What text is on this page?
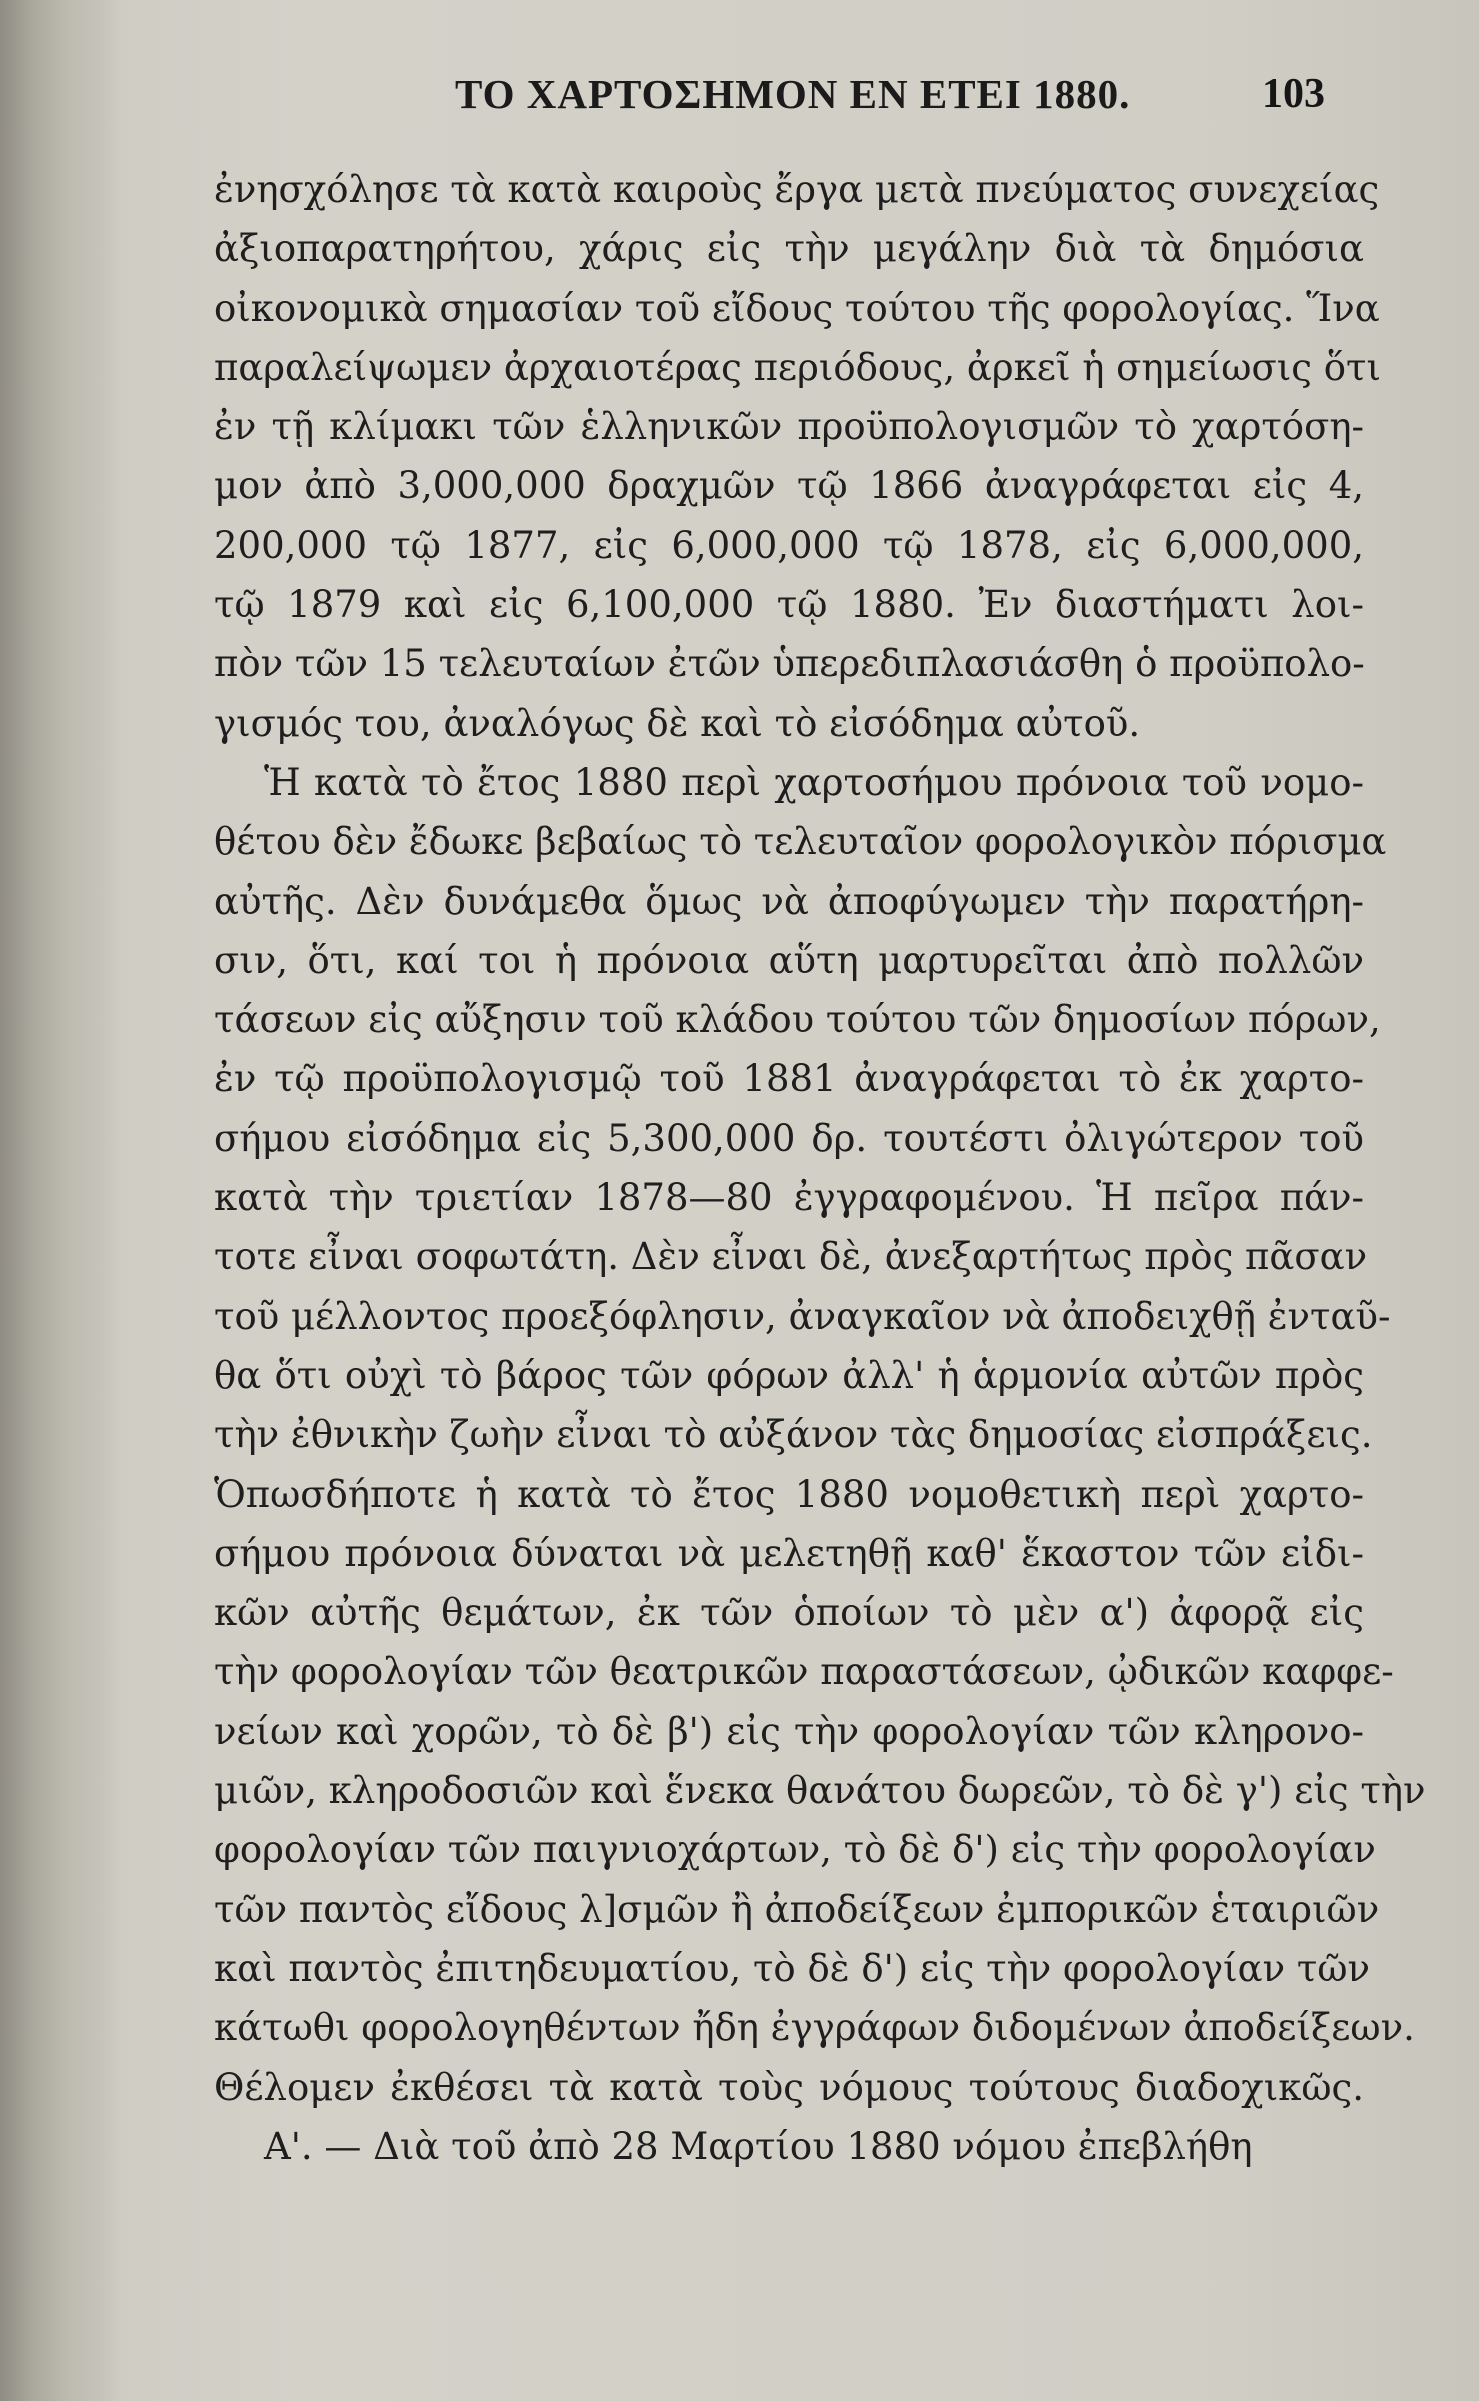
ΤΟ ΧΑΡΤΟΣΗΜΟΝ ΕΝ ΕΤΕΙ 1880.	103
ἐνησχόλησε τὰ κατὰ καιροὺς ἔργα μετὰ πνεύματος συνεχείας
ἀξιοπαρατηρήτου, χάρις εἰς τὴν μεγάλην διὰ τὰ δημόσια
οἰκονομικὰ σημασίαν τοῦ εἴδους τούτου τῆς φορολογίας. Ἵνα
παραλείψωμεν ἀρχαιοτέρας περιόδους, ἀρκεῖ ἡ σημείωσις ὅτι
ἐν τῇ κλίμακι τῶν ἑλληνικῶν προϋπολογισμῶν τὸ χαρτόση-
μον ἀπὸ 3,000,000 δραχμῶν τῷ 1866 ἀναγράφεται εἰς 4,
200,000 τῷ 1877, εἰς 6,000,000 τῷ 1878, εἰς 6,000,000,
τῷ 1879 καὶ εἰς 6,100,000 τῷ 1880. Ἐν διαστήματι λοι-
πὸν τῶν 15 τελευταίων ἐτῶν ὑπερεδιπλασιάσθη ὁ προϋπολο-
γισμός του, ἀναλόγως δὲ καὶ τὸ εἰσόδημα αὐτοῦ.
Ἡ κατὰ τὸ ἔτος 1880 περὶ χαρτοσήμου πρόνοια τοῦ νομο-
θέτου δὲν ἔδωκε βεβαίως τὸ τελευταῖον φορολογικὸν πόρισμα
αὐτῆς. Δὲν δυνάμεθα ὅμως νὰ ἀποφύγωμεν τὴν παρατήρη-
σιν, ὅτι, καί τοι ἡ πρόνοια αὕτη μαρτυρεῖται ἀπὸ πολλῶν
τάσεων εἰς αὔξησιν τοῦ κλάδου τούτου τῶν δημοσίων πόρων,
ἐν τῷ προϋπολογισμῷ τοῦ 1881 ἀναγράφεται τὸ ἐκ χαρτο-
σήμου εἰσόδημα εἰς 5,300,000 δρ. τουτέστι ὀλιγώτερον τοῦ
κατὰ τὴν τριετίαν 1878—80 ἐγγραφομένου. Ἡ πεῖρα πάν-
τοτε εἶναι σοφωτάτη. Δὲν εἶναι δὲ, ἀνεξαρτήτως πρὸς πᾶσαν
τοῦ μέλλοντος προεξόφλησιν, ἀναγκαῖον νὰ ἀποδειχθῇ ἐνταῦ-
θα ὅτι οὐχὶ τὸ βάρος τῶν φόρων ἀλλ' ἡ ἁρμονία αὐτῶν πρὸς
τὴν ἐθνικὴν ζωὴν εἶναι τὸ αὐξάνον τὰς δημοσίας εἰσπράξεις.
Ὁπωσδήποτε ἡ κατὰ τὸ ἔτος 1880 νομοθετικὴ περὶ χαρτο-
σήμου πρόνοια δύναται νὰ μελετηθῇ καθ' ἕκαστον τῶν εἰδι-
κῶν αὐτῆς θεμάτων, ἐκ τῶν ὁποίων τὸ μὲν α') ἀφορᾷ εἰς
τὴν φορολογίαν τῶν θεατρικῶν παραστάσεων, ᾠδικῶν καφφε-
νείων καὶ χορῶν, τὸ δὲ β') εἰς τὴν φορολογίαν τῶν κληρονο-
μιῶν, κληροδοσιῶν καὶ ἕνεκα θανάτου δωρεῶν, τὸ δὲ γ') εἰς τὴν
φορολογίαν τῶν παιγνιοχάρτων, τὸ δὲ δ') εἰς τὴν φορολογίαν
τῶν παντὸς εἴδους λ]σμῶν ἢ ἀποδείξεων ἐμπορικῶν ἑταιριῶν
καὶ παντὸς ἐπιτηδευματίου, τὸ δὲ δ') εἰς τὴν φορολογίαν τῶν
κάτωθι φορολογηθέντων ἤδη ἐγγράφων διδομένων ἀποδείξεων.
Θέλομεν ἐκθέσει τὰ κατὰ τοὺς νόμους τούτους διαδοχικῶς.
Α'. — Διὰ τοῦ ἀπὸ 28 Μαρτίου 1880 νόμου ἐπεβλήθη
